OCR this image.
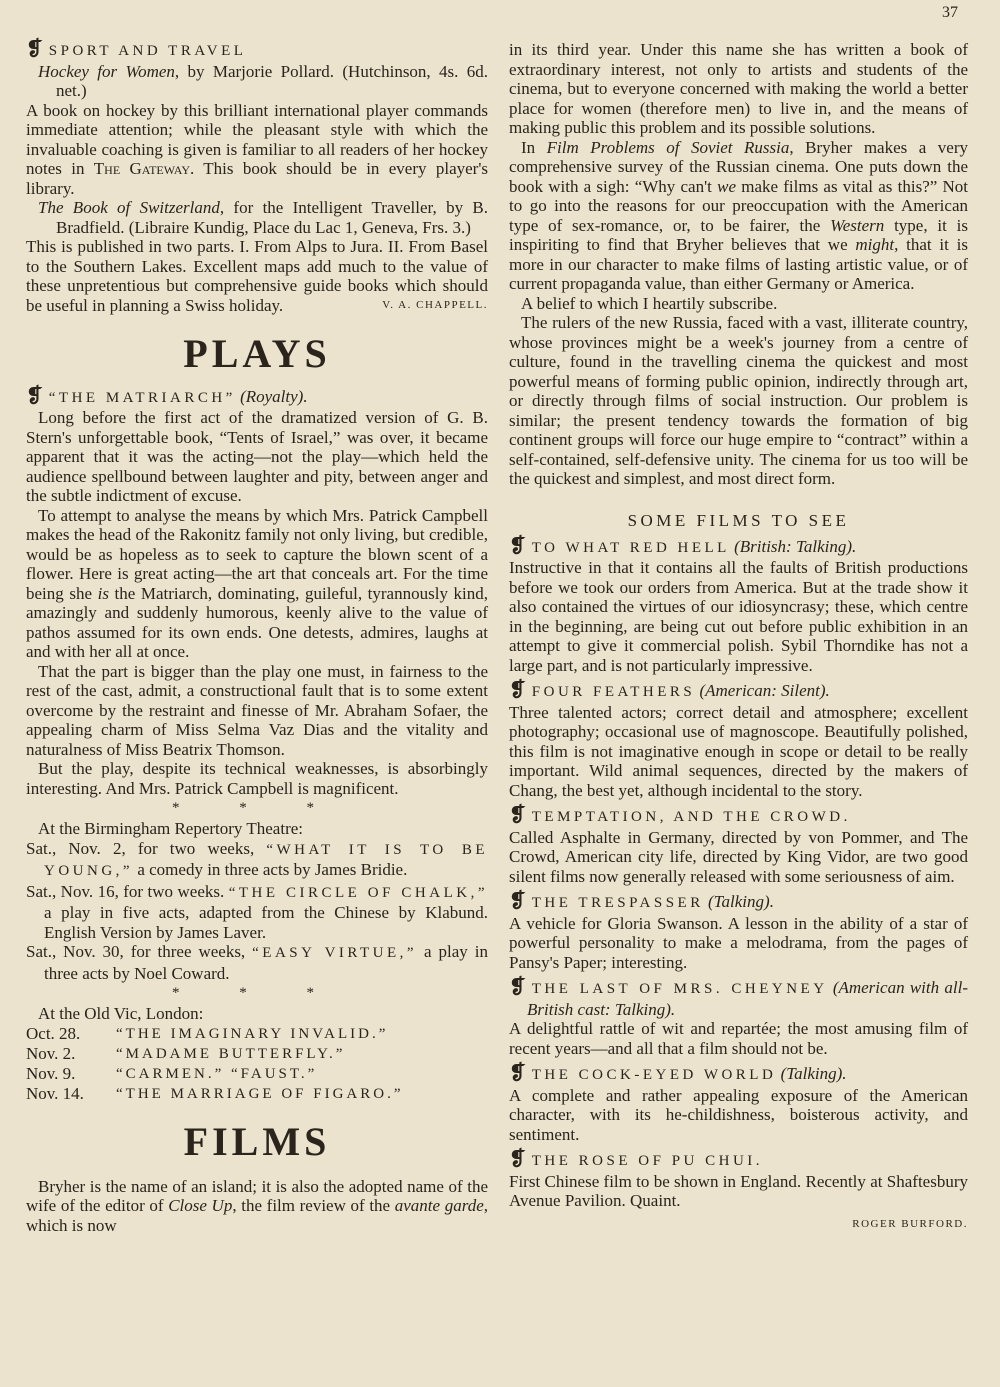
37

❡ SPORT AND TRAVEL

Hockey for Women, by Marjorie Pollard. (Hutchinson, 4s. 6d. net.)

A book on hockey by this brilliant international player commands immediate attention; while the pleasant style with which the invaluable coaching is given is familiar to all readers of her hockey notes in The Gateway. This book should be in every player's library.

The Book of Switzerland, for the Intelligent Traveller, by B. Bradfield. (Libraire Kundig, Place du Lac 1, Geneva, Frs. 3.)

This is published in two parts. I. From Alps to Jura. II. From Basel to the Southern Lakes. Excellent maps add much to the value of these unpretentious but comprehensive guide books which should be useful in planning a Swiss holiday.	V. A. CHAPPELL.

PLAYS

❡ “THE MATRIARCH” (Royalty).

Long before the first act of the dramatized version of G. B. Stern's unforgettable book, “Tents of Israel,” was over, it became apparent that it was the acting—not the play—which held the audience spellbound between laughter and pity, between anger and the subtle indictment of excuse.

To attempt to analyse the means by which Mrs. Patrick Campbell makes the head of the Rakonitz family not only living, but credible, would be as hopeless as to seek to capture the blown scent of a flower. Here is great acting—the art that conceals art. For the time being she is the Matriarch, dominating, guileful, tyrannously kind, amazingly and suddenly humorous, keenly alive to the value of pathos assumed for its own ends. One detests, admires, laughs at and with her all at once.

That the part is bigger than the play one must, in fairness to the rest of the cast, admit, a constructional fault that is to some extent overcome by the restraint and finesse of Mr. Abraham Sofaer, the appealing charm of Miss Selma Vaz Dias and the vitality and naturalness of Miss Beatrix Thomson.

But the play, despite its technical weaknesses, is absorbingly interesting. And Mrs. Patrick Campbell is magnificent.

* * *

At the Birmingham Repertory Theatre:

Sat., Nov. 2, for two weeks, “WHAT IT IS TO BE YOUNG,” a comedy in three acts by James Bridie.

Sat., Nov. 16, for two weeks. “THE CIRCLE OF CHALK,” a play in five acts, adapted from the Chinese by Klabund. English Version by James Laver.

Sat., Nov. 30, for three weeks, “EASY VIRTUE,” a play in three acts by Noel Coward.

* * *

At the Old Vic, London:

Oct. 28.	“THE IMAGINARY INVALID.”
Nov. 2.	“MADAME BUTTERFLY.”
Nov. 9.	“CARMEN.” “FAUST.”
Nov. 14.	“THE MARRIAGE OF FIGARO.”
FILMS

Bryher is the name of an island; it is also the adopted name of the wife of the editor of Close Up, the film review of the avante garde, which is now

in its third year. Under this name she has written a book of extraordinary interest, not only to artists and students of the cinema, but to everyone concerned with making the world a better place for women (therefore men) to live in, and the means of making public this problem and its possible solutions.

In Film Problems of Soviet Russia, Bryher makes a very comprehensive survey of the Russian cinema. One puts down the book with a sigh: “Why can't we make films as vital as this?” Not to go into the reasons for our preoccupation with the American type of sex-romance, or, to be fairer, the Western type, it is inspiriting to find that Bryher believes that we might, that it is more in our character to make films of lasting artistic value, or of current propaganda value, than either Germany or America.

A belief to which I heartily subscribe.

The rulers of the new Russia, faced with a vast, illiterate country, whose provinces might be a week's journey from a centre of culture, found in the travelling cinema the quickest and most powerful means of forming public opinion, indirectly through art, or directly through films of social instruction. Our problem is similar; the present tendency towards the formation of big continent groups will force our huge empire to “contract” within a self-contained, self-defensive unity. The cinema for us too will be the quickest and simplest, and most direct form.

SOME FILMS TO SEE

❡ TO WHAT RED HELL (British: Talking).

Instructive in that it contains all the faults of British productions before we took our orders from America. But at the trade show it also contained the virtues of our idiosyncrasy; these, which centre in the beginning, are being cut out before public exhibition in an attempt to give it commercial polish. Sybil Thorndike has not a large part, and is not particularly impressive.

❡ FOUR FEATHERS (American: Silent).

Three talented actors; correct detail and atmosphere; excellent photography; occasional use of magnoscope. Beautifully polished, this film is not imaginative enough in scope or detail to be really important. Wild animal sequences, directed by the makers of Chang, the best yet, although incidental to the story.

❡ TEMPTATION, AND THE CROWD.

Called Asphalte in Germany, directed by von Pommer, and The Crowd, American city life, directed by King Vidor, are two good silent films now generally released with some seriousness of aim.

❡ THE TRESPASSER (Talking).

A vehicle for Gloria Swanson. A lesson in the ability of a star of powerful personality to make a melodrama, from the pages of Pansy's Paper; interesting.

❡ THE LAST OF MRS. CHEYNEY (American with all-British cast: Talking).

A delightful rattle of wit and repartée; the most amusing film of recent years—and all that a film should not be.

❡ THE COCK-EYED WORLD (Talking).

A complete and rather appealing exposure of the American character, with its he-childishness, boisterous activity, and sentiment.

❡ THE ROSE OF PU CHUI.

First Chinese film to be shown in England. Recently at Shaftesbury Avenue Pavilion. Quaint.

ROGER BURFORD.
